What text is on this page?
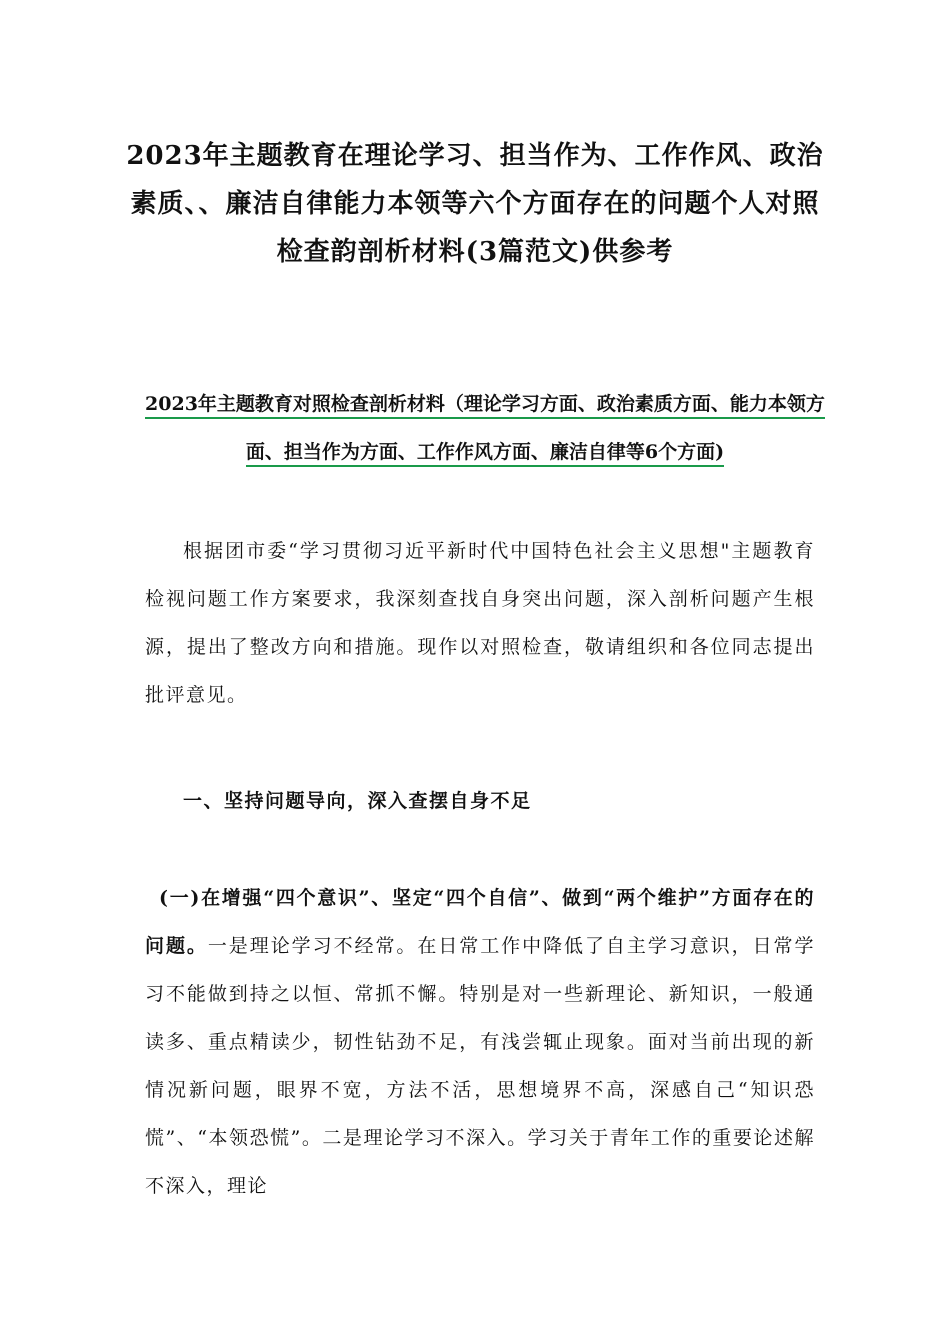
2023年主题教育在理论学习、担当作为、工作作风、政治素质、、廉洁自律能力本领等六个方面存在的问题个人对照检查韵剖析材料(3篇范文)供参考
2023年主题教育对照检查剖析材料（理论学习方面、政治素质方面、能力本领方面、担当作为方面、工作作风方面、廉洁自律等6个方面)

根据团市委“学习贯彻习近平新时代中国特色社会主义思想"主题教育检视问题工作方案要求，我深刻查找自身突出问题，深入剖析问题产生根源，提出了整改方向和措施。现作以对照检查，敬请组织和各位同志提出批评意见。

一、坚持问题导向，深入查摆自身不足

(一)在增强“四个意识”、坚定“四个自信”、做到“两个维护”方面存在的问题。一是理论学习不经常。在日常工作中降低了自主学习意识，日常学习不能做到持之以恒、常抓不懈。特别是对一些新理论、新知识，一般通读多、重点精读少，韧性钻劲不足，有浅尝辄止现象。面对当前出现的新情况新问题，眼界不宽，方法不活，思想境界不高，深感自己“知识恐慌”、“本领恐慌”。二是理论学习不深入。学习关于青年工作的重要论述解不深入，理论
